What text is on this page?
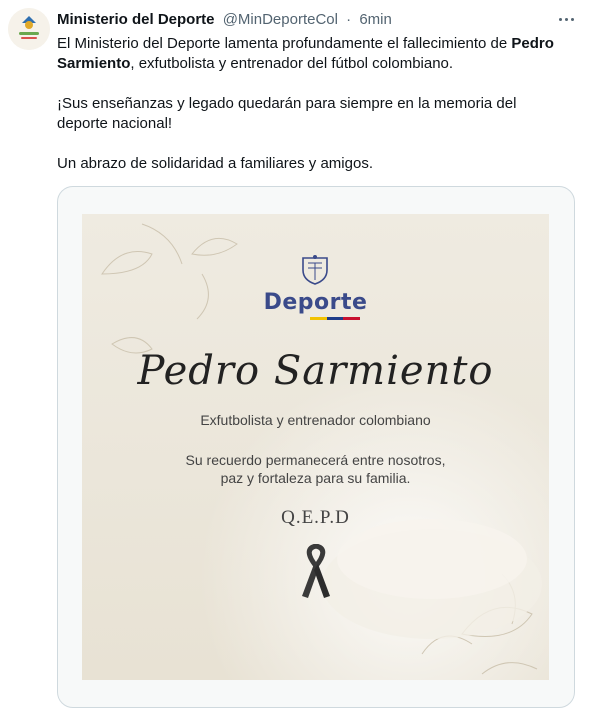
Ministerio del Deporte @MinDeporteCol · 6min

El Ministerio del Deporte lamenta profundamente el fallecimiento de Pedro Sarmiento, exfutbolista y entrenador del fútbol colombiano.

¡Sus enseñanzas y legado quedarán para siempre en la memoria del deporte nacional!

Un abrazo de solidaridad a familiares y amigos.

Deporte
Pedro Sarmiento
Exfutbolista y entrenador colombiano
Su recuerdo permanecerá entre nosotros,
paz y fortaleza para su familia.
Q.E.P.D
